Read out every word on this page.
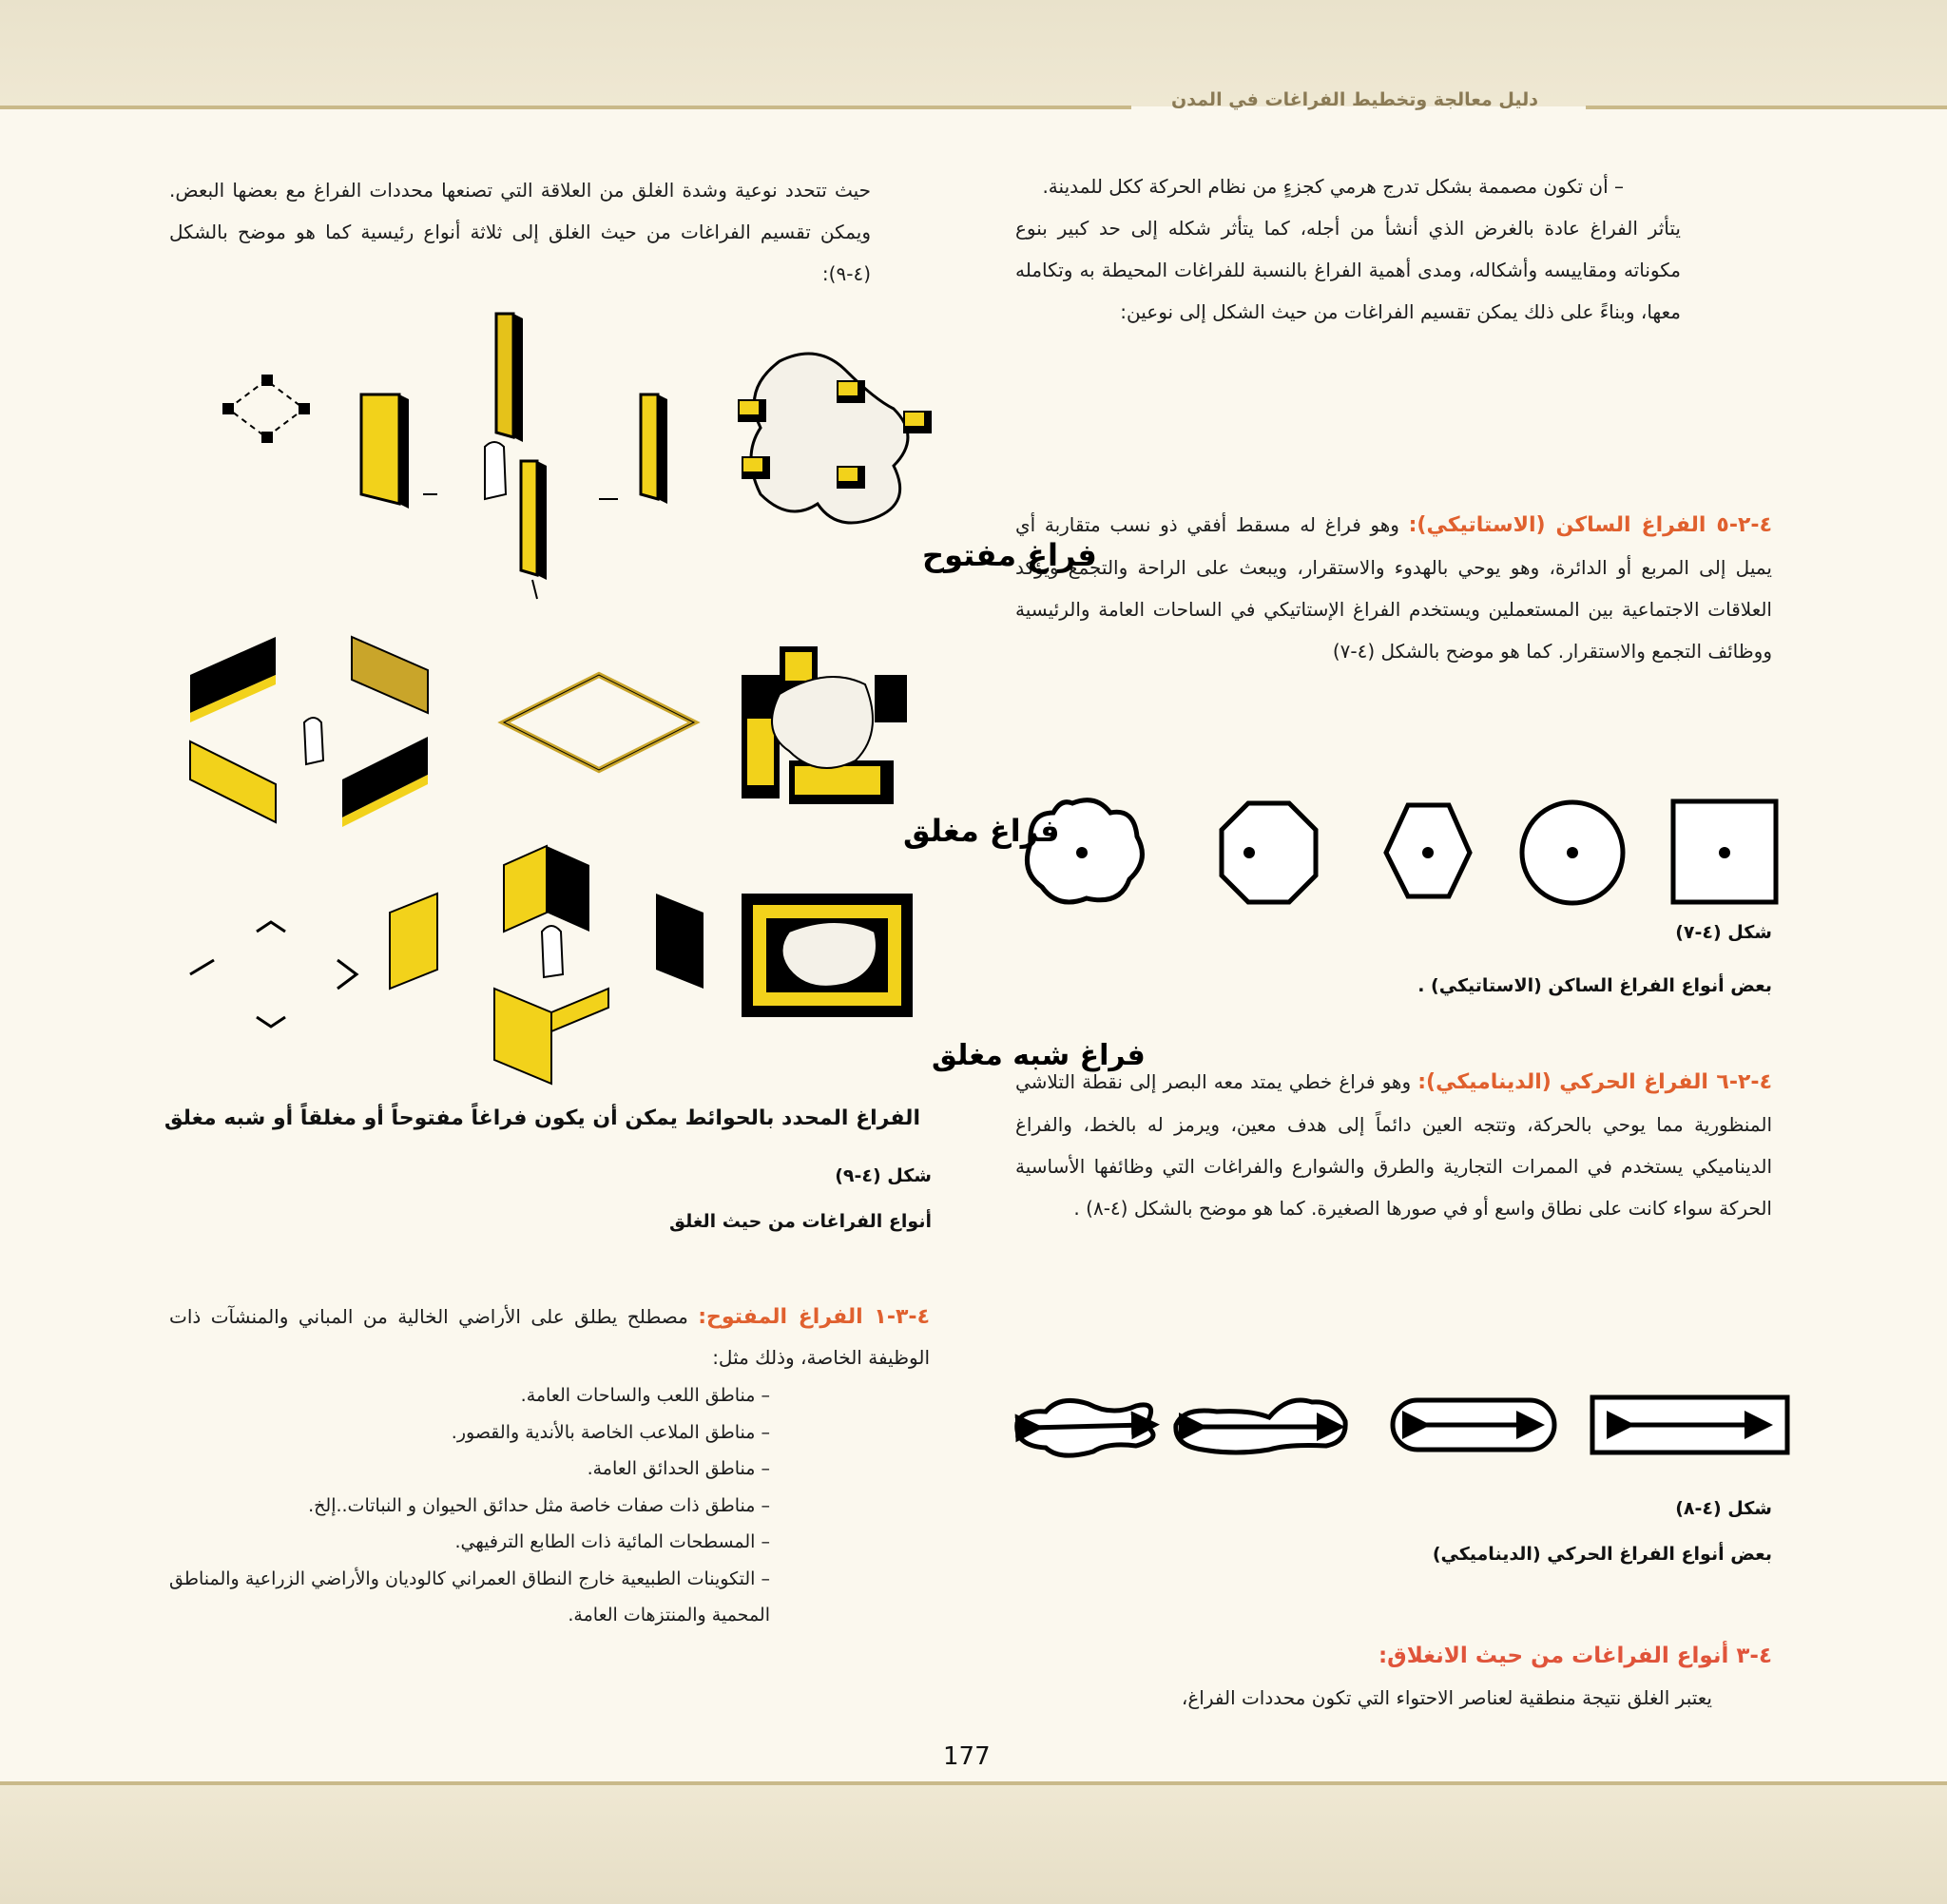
دليل معالجة وتخطيط الفراغات في المدن

– أن تكون مصممة بشكل تدرج هرمي كجزءٍ من نظام الحركة ككل للمدينة.

يتأثر الفراغ عادة بالغرض الذي أنشأ من أجله، كما يتأثر شكله إلى حد كبير بنوع مكوناته ومقاييسه وأشكاله، ومدى أهمية الفراغ بالنسبة للفراغات المحيطة به وتكامله معها، وبناءً على ذلك يمكن تقسيم الفراغات من حيث الشكل إلى نوعين:

٤-٢-٥ الفراغ الساكن (الاستاتيكي): وهو فراغ له مسقط أفقي ذو نسب متقاربة أي يميل إلى المربع أو الدائرة، وهو يوحي بالهدوء والاستقرار، ويبعث على الراحة والتجمع ويؤكد العلاقات الاجتماعية بين المستعملين ويستخدم الفراغ الإستاتيكي في الساحات العامة والرئيسية ووظائف التجمع والاستقرار. كما هو موضح بالشكل (٤-٧)

شكل (٤-٧)
بعض أنواع الفراغ الساكن (الاستاتيكي) .

٤-٢-٦ الفراغ الحركي (الديناميكي): وهو فراغ خطي يمتد معه البصر إلى نقطة التلاشي المنظورية مما يوحي بالحركة، وتتجه العين دائماً إلى هدف معين، ويرمز له بالخط، والفراغ الديناميكي يستخدم في الممرات التجارية والطرق والشوارع والفراغات التي وظائفها الأساسية الحركة سواء كانت على نطاق واسع أو في صورها الصغيرة. كما هو موضح بالشكل (٤-٨) .

شكل (٤-٨)
بعض أنواع الفراغ الحركي (الديناميكي)

٤-٣ أنواع الفراغات من حيث الانغلاق:

يعتبر الغلق نتيجة منطقية لعناصر الاحتواء التي تكون محددات الفراغ،

حيث تتحدد نوعية وشدة الغلق من العلاقة التي تصنعها محددات الفراغ مع بعضها البعض. ويمكن تقسيم الفراغات من حيث الغلق إلى ثلاثة أنواع رئيسية كما هو موضح بالشكل (٤-٩):

فراغ مفتوح
فراغ مغلق
فراغ شبه مغلق
الفراغ المحدد بالحوائط يمكن أن يكون فراغاً مفتوحاً أو مغلقاً أو شبه مغلق
شكل (٤-٩)
أنواع الفراغات من حيث الغلق

٤-٣-١ الفراغ المفتوح: مصطلح يطلق على الأراضي الخالية من المباني والمنشآت ذات الوظيفة الخاصة، وذلك مثل:

– مناطق اللعب والساحات العامة.

– مناطق الملاعب الخاصة بالأندية والقصور.

– مناطق الحدائق العامة.

– مناطق ذات صفات خاصة مثل حدائق الحيوان و النباتات..إلخ.

– المسطحات المائية ذات الطابع الترفيهي.

– التكوينات الطبيعية خارج النطاق العمراني كالوديان والأراضي الزراعية والمناطق المحمية والمنتزهات العامة.

177
